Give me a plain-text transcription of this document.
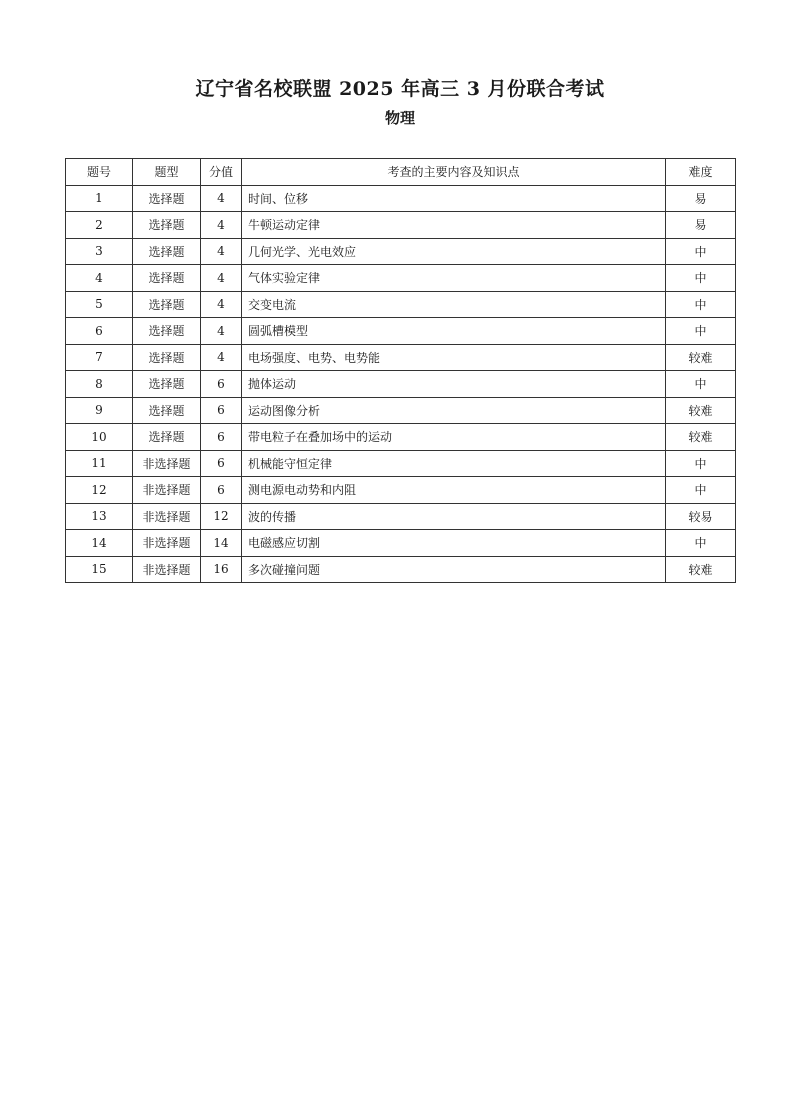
辽宁省名校联盟 2025 年高三 3 月份联合考试
物理
题号	题型	分值	考查的主要内容及知识点	难度
1	选择题	4	时间、位移	易
2	选择题	4	牛顿运动定律	易
3	选择题	4	几何光学、光电效应	中
4	选择题	4	气体实验定律	中
5	选择题	4	交变电流	中
6	选择题	4	圆弧槽模型	中
7	选择题	4	电场强度、电势、电势能	较难
8	选择题	6	抛体运动	中
9	选择题	6	运动图像分析	较难
10	选择题	6	带电粒子在叠加场中的运动	较难
11	非选择题	6	机械能守恒定律	中
12	非选择题	6	测电源电动势和内阻	中
13	非选择题	12	波的传播	较易
14	非选择题	14	电磁感应切割	中
15	非选择题	16	多次碰撞问题	较难
